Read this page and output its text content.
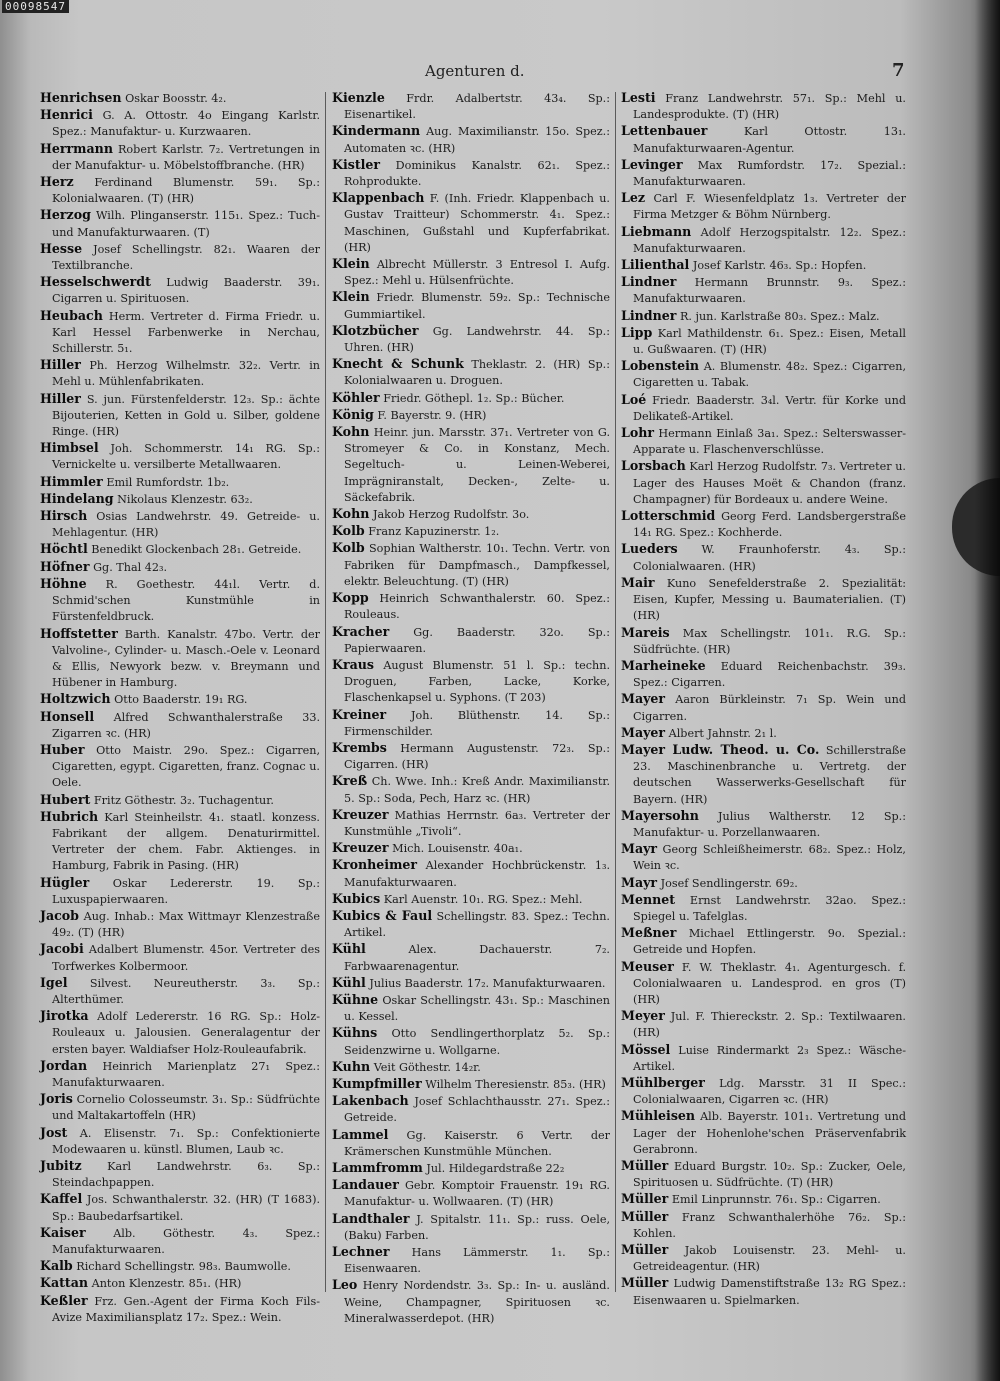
00098547
Agenturen d.	7

Henrichsen Oskar Boosstr. 4₂.

Henrici G. A. Ottostr. 4o Eingang Karlstr. Spez.: Manufaktur- u. Kurzwaaren.

Herrmann Robert Karlstr. 7₂. Vertretungen in der Manufaktur- u. Möbelstoffbranche. (HR)

Herz Ferdinand Blumenstr. 59₁. Sp.: Kolonialwaaren. (T) (HR)

Herzog Wilh. Plinganserstr. 115₁. Spez.: Tuch- und Manufakturwaaren. (T)

Hesse Josef Schellingstr. 82₁. Waaren der Textilbranche.

Hesselschwerdt Ludwig Baaderstr. 39₁. Cigarren u. Spirituosen.

Heubach Herm. Vertreter d. Firma Friedr. u. Karl Hessel Farbenwerke in Nerchau, Schillerstr. 5₁.

Hiller Ph. Herzog Wilhelmstr. 32₂. Vertr. in Mehl u. Mühlenfabrikaten.

Hiller S. jun. Fürstenfelderstr. 12₃. Sp.: ächte Bijouterien, Ketten in Gold u. Silber, goldene Ringe. (HR)

Himbsel Joh. Schommerstr. 14₁ RG. Sp.: Vernickelte u. versilberte Metallwaaren.

Himmler Emil Rumfordstr. 1b₂.

Hindelang Nikolaus Klenzestr. 63₂.

Hirsch Osias Landwehrstr. 49. Getreide- u. Mehlagentur. (HR)

Höchtl Benedikt Glockenbach 28₁. Getreide.

Höfner Gg. Thal 42₃.

Höhne R. Goethestr. 44₁l. Vertr. d. Schmid'schen Kunstmühle in Fürstenfeldbruck.

Hoffstetter Barth. Kanalstr. 47bo. Vertr. der Valvoline-, Cylinder- u. Masch.-Oele v. Leonard & Ellis, Newyork bezw. v. Breymann und Hübener in Hamburg.

Holtzwich Otto Baaderstr. 19₁ RG.

Honsell Alfred Schwanthalerstraße 33. Zigarren ꝛc. (HR)

Huber Otto Maistr. 29o. Spez.: Cigarren, Cigaretten, egypt. Cigaretten, franz. Cognac u. Oele.

Hubert Fritz Göthestr. 3₂. Tuchagentur.

Hubrich Karl Steinheilstr. 4₁. staatl. konzess. Fabrikant der allgem. Denaturirmittel. Vertreter der chem. Fabr. Aktienges. in Hamburg, Fabrik in Pasing. (HR)

Hügler Oskar Ledererstr. 19. Sp.: Luxuspapierwaaren.

Jacob Aug. Inhab.: Max Wittmayr Klenzestraße 49₂. (T) (HR)

Jacobi Adalbert Blumenstr. 45or. Vertreter des Torfwerkes Kolbermoor.

Igel Silvest. Neureutherstr. 3₃. Sp.: Alterthümer.

Jirotka Adolf Ledererstr. 16 RG. Sp.: Holz-Rouleaux u. Jalousien. Generalagentur der ersten bayer. Waldiafser Holz-Rouleaufabrik.

Jordan Heinrich Marienplatz 27₁ Spez.: Manufakturwaaren.

Joris Cornelio Colosseumstr. 3₁. Sp.: Südfrüchte und Maltakartoffeln (HR)

Jost A. Elisenstr. 7₁. Sp.: Confektionierte Modewaaren u. künstl. Blumen, Laub ꝛc.

Jubitz Karl Landwehrstr. 6₃. Sp.: Steindachpappen.

Kaffel Jos. Schwanthalerstr. 32. (HR) (T 1683). Sp.: Baubedarfsartikel.

Kaiser Alb. Göthestr. 4₃. Spez.: Manufakturwaaren.

Kalb Richard Schellingstr. 98₃. Baumwolle.

Kattan Anton Klenzestr. 85₁. (HR)

Keßler Frz. Gen.-Agent der Firma Koch Fils-Avize Maximiliansplatz 17₂. Spez.: Wein.

Kienzle Frdr. Adalbertstr. 43₄. Sp.: Eisenartikel.

Kindermann Aug. Maximilianstr. 15o. Spez.: Automaten ꝛc. (HR)

Kistler Dominikus Kanalstr. 62₁. Spez.: Rohprodukte.

Klappenbach F. (Inh. Friedr. Klappenbach u. Gustav Traitteur) Schommerstr. 4₁. Spez.: Maschinen, Gußstahl und Kupferfabrikat. (HR)

Klein Albrecht Müllerstr. 3 Entresol I. Aufg. Spez.: Mehl u. Hülsenfrüchte.

Klein Friedr. Blumenstr. 59₂. Sp.: Technische Gummiartikel.

Klotzbücher Gg. Landwehrstr. 44. Sp.: Uhren. (HR)

Knecht & Schunk Theklastr. 2. (HR) Sp.: Kolonialwaaren u. Droguen.

Köhler Friedr. Göthepl. 1₂. Sp.: Bücher.

König F. Bayerstr. 9. (HR)

Kohn Heinr. jun. Marsstr. 37₁. Vertreter von G. Stromeyer & Co. in Konstanz, Mech. Segeltuch- u. Leinen-Weberei, Imprägniranstalt, Decken-, Zelte- u. Säckefabrik.

Kohn Jakob Herzog Rudolfstr. 3o.

Kolb Franz Kapuzinerstr. 1₂.

Kolb Sophian Waltherstr. 10₁. Techn. Vertr. von Fabriken für Dampfmasch., Dampfkessel, elektr. Beleuchtung. (T) (HR)

Kopp Heinrich Schwanthalerstr. 60. Spez.: Rouleaus.

Kracher Gg. Baaderstr. 32o. Sp.: Papierwaaren.

Kraus August Blumenstr. 51 l. Sp.: techn. Droguen, Farben, Lacke, Korke, Flaschenkapsel u. Syphons. (T 203)

Kreiner Joh. Blüthenstr. 14. Sp.: Firmenschilder.

Krembs Hermann Augustenstr. 72₃. Sp.: Cigarren. (HR)

Kreß Ch. Wwe. Inh.: Kreß Andr. Maximilianstr. 5. Sp.: Soda, Pech, Harz ꝛc. (HR)

Kreuzer Mathias Herrnstr. 6a₃. Vertreter der Kunstmühle „Tivoli“.

Kreuzer Mich. Louisenstr. 40a₁.

Kronheimer Alexander Hochbrückenstr. 1₃. Manufakturwaaren.

Kubics Karl Auenstr. 10₁. RG. Spez.: Mehl.

Kubics & Faul Schellingstr. 83. Spez.: Techn. Artikel.

Kühl	Alex. Dachauerstr. 7₂. Farbwaarenagentur.

Kühl Julius Baaderstr. 17₂. Manufakturwaaren.

Kühne Oskar Schellingstr. 43₁. Sp.: Maschinen u. Kessel.

Kühns Otto Sendlingerthorplatz 5₂. Sp.: Seidenzwirne u. Wollgarne.

Kuhn Veit Göthestr. 14₂r.

Kumpfmiller Wilhelm Theresienstr. 85₃. (HR)

Lakenbach Josef Schlachthausstr. 27₁. Spez.: Getreide.

Lammel Gg. Kaiserstr. 6 Vertr. der Krämerschen Kunstmühle München.

Lammfromm Jul. Hildegardstraße 22₂

Landauer Gebr. Komptoir Frauenstr. 19₁ RG. Manufaktur- u. Wollwaaren. (T) (HR)

Landthaler J. Spitalstr. 11₁. Sp.: russ. Oele, (Baku) Farben.

Lechner Hans Lämmerstr. 1₁. Sp.: Eisenwaaren.

Leo Henry Nordendstr. 3₃. Sp.: In- u. ausländ. Weine, Champagner, Spirituosen ꝛc. Mineralwasserdepot. (HR)

Lesti Franz Landwehrstr. 57₁. Sp.: Mehl u. Landesprodukte. (T) (HR)

Lettenbauer	Karl Ottostr. 13₁. Manufakturwaaren-Agentur.

Levinger Max Rumfordstr. 17₂. Spezial.: Manufakturwaaren.

Lez Carl F. Wiesenfeldplatz 1₃. Vertreter der Firma Metzger & Böhm Nürnberg.

Liebmann Adolf Herzogspitalstr. 12₂. Spez.: Manufakturwaaren.

Lilienthal Josef Karlstr. 46₃. Sp.: Hopfen.

Lindner Hermann Brunnstr. 9₃. Spez.: Manufakturwaaren.

Lindner R. jun. Karlstraße 80₃. Spez.: Malz.

Lipp Karl Mathildenstr. 6₁. Spez.: Eisen, Metall u. Gußwaaren. (T) (HR)

Lobenstein A. Blumenstr. 48₂. Spez.: Cigarren, Cigaretten u. Tabak.

Loé Friedr. Baaderstr. 3₄l. Vertr. für Korke und Delikateß-Artikel.

Lohr Hermann Einlaß 3a₁. Spez.: Selterswasser-Apparate u. Flaschenverschlüsse.

Lorsbach Karl Herzog Rudolfstr. 7₃. Vertreter u. Lager des Hauses Moët & Chandon (franz. Champagner) für Bordeaux u. andere Weine.

Lotterschmid Georg Ferd. Landsbergerstraße 14₁ RG. Spez.: Kochherde.

Lueders W. Fraunhoferstr. 4₃. Sp.: Colonialwaaren. (HR)

Mair Kuno Senefelderstraße 2. Spezialität: Eisen, Kupfer, Messing u. Baumaterialien. (T) (HR)

Mareis Max Schellingstr. 101₁. R.G. Sp.: Südfrüchte. (HR)

Marheineke Eduard Reichenbachstr. 39₃. Spez.: Cigarren.

Mayer Aaron Bürkleinstr. 7₁ Sp. Wein und Cigarren.

Mayer Albert Jahnstr. 2₁ l.

Mayer Ludw. Theod. u. Co. Schillerstraße 23. Maschinenbranche u. Vertretg. der deutschen Wasserwerks-Gesellschaft für Bayern. (HR)

Mayersohn Julius Waltherstr. 12 Sp.: Manufaktur- u. Porzellanwaaren.

Mayr Georg Schleißheimerstr. 68₂. Spez.: Holz, Wein ꝛc.

Mayr Josef Sendlingerstr. 69₂.

Mennet Ernst Landwehrstr. 32ao. Spez.: Spiegel u. Tafelglas.

Meßner Michael Ettlingerstr. 9o. Spezial.: Getreide und Hopfen.

Meuser F. W. Theklastr. 4₁. Agenturgesch. f. Colonialwaaren u. Landesprod. en gros (T) (HR)

Meyer Jul. F. Thiereckstr. 2. Sp.: Textilwaaren. (HR)

Mössel Luise Rindermarkt 2₃ Spez.: Wäsche-Artikel.

Mühlberger Ldg. Marsstr. 31 II Spec.: Colonialwaaren, Cigarren ꝛc. (HR)

Mühleisen Alb. Bayerstr. 101₁. Vertretung und Lager der Hohenlohe'schen Präservenfabrik Gerabronn.

Müller Eduard Burgstr. 10₂. Sp.: Zucker, Oele, Spirituosen u. Südfrüchte. (T) (HR)

Müller Emil Linprunnstr. 76₁. Sp.: Cigarren.

Müller Franz Schwanthalerhöhe 76₂. Sp.: Kohlen.

Müller Jakob Louisenstr. 23. Mehl- u. Getreideagentur. (HR)

Müller Ludwig Damenstiftstraße 13₂ RG Spez.: Eisenwaaren u. Spielmarken.
